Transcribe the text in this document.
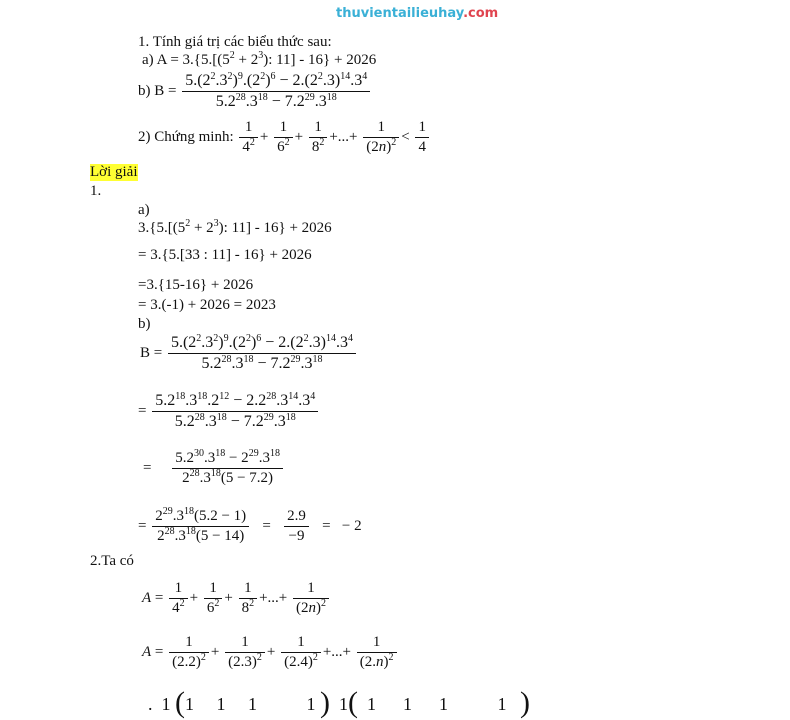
thuvientailieuhay.com
1. Tính giá trị các biểu thức sau:
a) $A = 3.\{5.[(5^2 + 2^3)$: 11] - 16} + 2026
b) $B = \frac{5.(2^2.3^2)^9.(2^2)^6 - 2.(2^2.3)^{14}.3^4}{5.2^{28}.3^{18} - 7.2^{29}.3^{18}}$
2) Chứng minh: $\frac{1}{4^2} + \frac{1}{6^2} + \frac{1}{8^2}$ +...+ $\frac{1}{(2n)^2} < \frac{1}{4}$
Lời giải
1.
a)
$3.\{5.[(5^2 + 2^3)$: 11] - 16} + 2026
= 3.{5.[33 : 11] - 16} + 2026
=3.{15-16} + 2026
= 3.(-1) + 2026 = 2023
b)
$B = \frac{5.(2^2.3^2)^9.(2^2)^6 - 2.(2^2.3)^{14}.3^4}{5.2^{28}.3^{18} - 7.2^{29}.3^{18}}$
= $\frac{5.2^{18}.3^{18}.2^{12} - 2.2^{28}.3^{14}.3^4}{5.2^{28}.3^{18} - 7.2^{29}.3^{18}}$
= $\frac{5.2^{30}.3^{18} - 2^{29}.3^{18}}{2^{28}.3^{18}(5 - 7.2)}$
= $\frac{2^{29}.3^{18}(5.2 - 1)}{2^{28}.3^{18}(5 - 14)} = \frac{2.9}{-9}$ =   − 2
2.Ta có
$A = \frac{1}{4^2} + \frac{1}{6^2} + \frac{1}{8^2}$ +...+ $\frac{1}{(2n)^2}$
$A = \frac{1}{(2.2)^2} + \frac{1}{(2.3)^2} + \frac{1}{(2.4)^2}$ +...+ $\frac{1}{(2.n)^2}$
.  1 (1     1     1           1 )  1(  1      1      1           1   )
